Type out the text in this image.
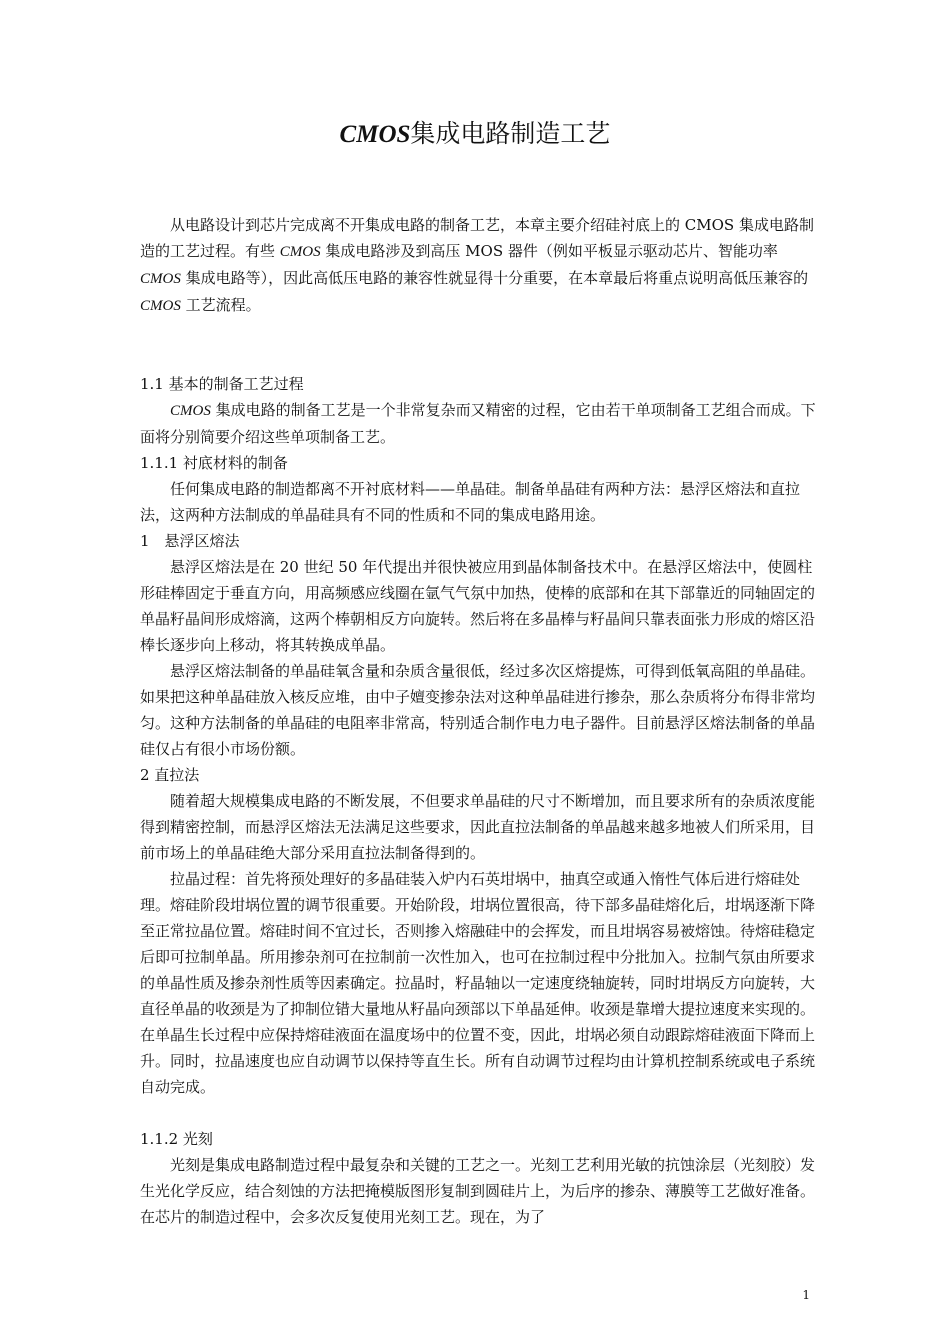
CMOS集成电路制造工艺

从电路设计到芯片完成离不开集成电路的制备工艺，本章主要介绍硅衬底上的 CMOS 集成电路制造的工艺过程。有些 CMOS 集成电路涉及到高压 MOS 器件（例如平板显示驱动芯片、智能功率 CMOS 集成电路等），因此高低压电路的兼容性就显得十分重要，在本章最后将重点说明高低压兼容的 CMOS 工艺流程。

1.1 基本的制备工艺过程

CMOS 集成电路的制备工艺是一个非常复杂而又精密的过程，它由若干单项制备工艺组合而成。下面将分别简要介绍这些单项制备工艺。

1.1.1 衬底材料的制备

任何集成电路的制造都离不开衬底材料——单晶硅。制备单晶硅有两种方法：悬浮区熔法和直拉法，这两种方法制成的单晶硅具有不同的性质和不同的集成电路用途。

1　悬浮区熔法

悬浮区熔法是在 20 世纪 50 年代提出并很快被应用到晶体制备技术中。在悬浮区熔法中，使圆柱形硅棒固定于垂直方向，用高频感应线圈在氩气气氛中加热，使棒的底部和在其下部靠近的同轴固定的单晶籽晶间形成熔滴，这两个棒朝相反方向旋转。然后将在多晶棒与籽晶间只靠表面张力形成的熔区沿棒长逐步向上移动，将其转换成单晶。

悬浮区熔法制备的单晶硅氧含量和杂质含量很低，经过多次区熔提炼，可得到低氧高阻的单晶硅。如果把这种单晶硅放入核反应堆，由中子嬗变掺杂法对这种单晶硅进行掺杂，那么杂质将分布得非常均匀。这种方法制备的单晶硅的电阻率非常高，特别适合制作电力电子器件。目前悬浮区熔法制备的单晶硅仅占有很小市场份额。

2 直拉法

随着超大规模集成电路的不断发展，不但要求单晶硅的尺寸不断增加，而且要求所有的杂质浓度能得到精密控制，而悬浮区熔法无法满足这些要求，因此直拉法制备的单晶越来越多地被人们所采用，目前市场上的单晶硅绝大部分采用直拉法制备得到的。

拉晶过程：首先将预处理好的多晶硅装入炉内石英坩埚中，抽真空或通入惰性气体后进行熔硅处理。熔硅阶段坩埚位置的调节很重要。开始阶段，坩埚位置很高，待下部多晶硅熔化后，坩埚逐渐下降至正常拉晶位置。熔硅时间不宜过长，否则掺入熔融硅中的会挥发，而且坩埚容易被熔蚀。待熔硅稳定后即可拉制单晶。所用掺杂剂可在拉制前一次性加入，也可在拉制过程中分批加入。拉制气氛由所要求的单晶性质及掺杂剂性质等因素确定。拉晶时，籽晶轴以一定速度绕轴旋转，同时坩埚反方向旋转，大直径单晶的收颈是为了抑制位错大量地从籽晶向颈部以下单晶延伸。收颈是靠增大提拉速度来实现的。在单晶生长过程中应保持熔硅液面在温度场中的位置不变，因此，坩埚必须自动跟踪熔硅液面下降而上升。同时，拉晶速度也应自动调节以保持等直生长。所有自动调节过程均由计算机控制系统或电子系统自动完成。

1.1.2 光刻

光刻是集成电路制造过程中最复杂和关键的工艺之一。光刻工艺利用光敏的抗蚀涂层（光刻胶）发生光化学反应，结合刻蚀的方法把掩模版图形复制到圆硅片上，为后序的掺杂、薄膜等工艺做好准备。在芯片的制造过程中，会多次反复使用光刻工艺。现在，为了

1
